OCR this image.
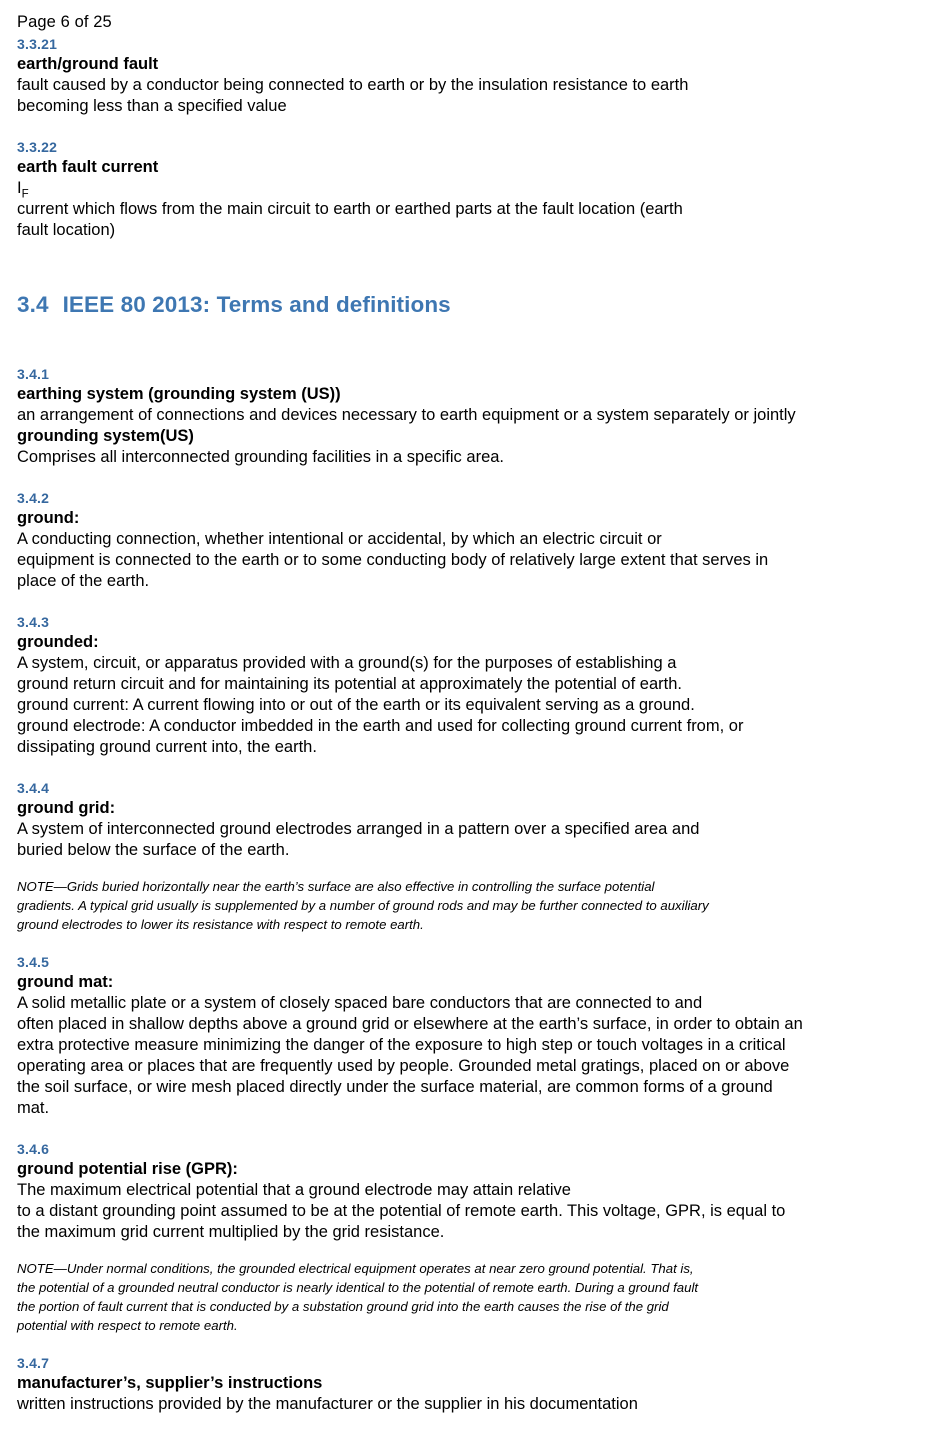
Page 6 of 25
3.3.21
earth/ground fault
fault caused by a conductor being connected to earth or by the insulation resistance to earth
becoming less than a specified value
3.3.22
earth fault current
$I_F$
current which flows from the main circuit to earth or earthed parts at the fault location (earth
fault location)
3.4 IEEE 80 2013: Terms and definitions
3.4.1
earthing system (grounding system (US))
an arrangement of connections and devices necessary to earth equipment or a system separately or jointly
grounding system(US)
Comprises all interconnected grounding facilities in a specific area.
3.4.2
ground:
A conducting connection, whether intentional or accidental, by which an electric circuit or
equipment is connected to the earth or to some conducting body of relatively large extent that serves in
place of the earth.
3.4.3
grounded:
A system, circuit, or apparatus provided with a ground(s) for the purposes of establishing a
ground return circuit and for maintaining its potential at approximately the potential of earth.
ground current: A current flowing into or out of the earth or its equivalent serving as a ground.
ground electrode: A conductor imbedded in the earth and used for collecting ground current from, or
dissipating ground current into, the earth.
3.4.4
ground grid:
A system of interconnected ground electrodes arranged in a pattern over a specified area and
buried below the surface of the earth.
NOTE—Grids buried horizontally near the earth’s surface are also effective in controlling the surface potential
gradients. A typical grid usually is supplemented by a number of ground rods and may be further connected to auxiliary
ground electrodes to lower its resistance with respect to remote earth.
3.4.5
ground mat:
A solid metallic plate or a system of closely spaced bare conductors that are connected to and
often placed in shallow depths above a ground grid or elsewhere at the earth’s surface, in order to obtain an
extra protective measure minimizing the danger of the exposure to high step or touch voltages in a critical
operating area or places that are frequently used by people. Grounded metal gratings, placed on or above
the soil surface, or wire mesh placed directly under the surface material, are common forms of a ground
mat.
3.4.6
ground potential rise (GPR):
The maximum electrical potential that a ground electrode may attain relative
to a distant grounding point assumed to be at the potential of remote earth. This voltage, GPR, is equal to
the maximum grid current multiplied by the grid resistance.
NOTE—Under normal conditions, the grounded electrical equipment operates at near zero ground potential. That is,
the potential of a grounded neutral conductor is nearly identical to the potential of remote earth. During a ground fault
the portion of fault current that is conducted by a substation ground grid into the earth causes the rise of the grid
potential with respect to remote earth.
3.4.7
manufacturer’s, supplier’s instructions
written instructions provided by the manufacturer or the supplier in his documentation
